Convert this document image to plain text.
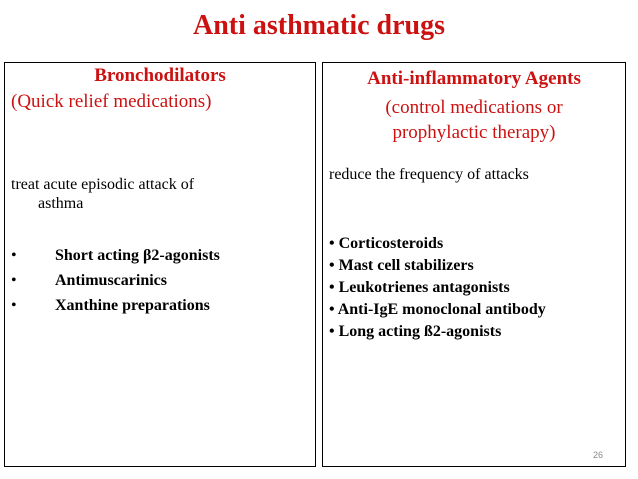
Anti asthmatic drugs
Bronchodilators
(Quick relief medications)
treat acute episodic attack of
asthma
• Short acting β2-agonists
• Antimuscarinics
• Xanthine preparations
Anti-inflammatory Agents
(control medications or
prophylactic therapy)
reduce the frequency of attacks
• Corticosteroids
• Mast cell stabilizers
• Leukotrienes antagonists
• Anti-IgE monoclonal antibody
• Long acting ß2-agonists
26
